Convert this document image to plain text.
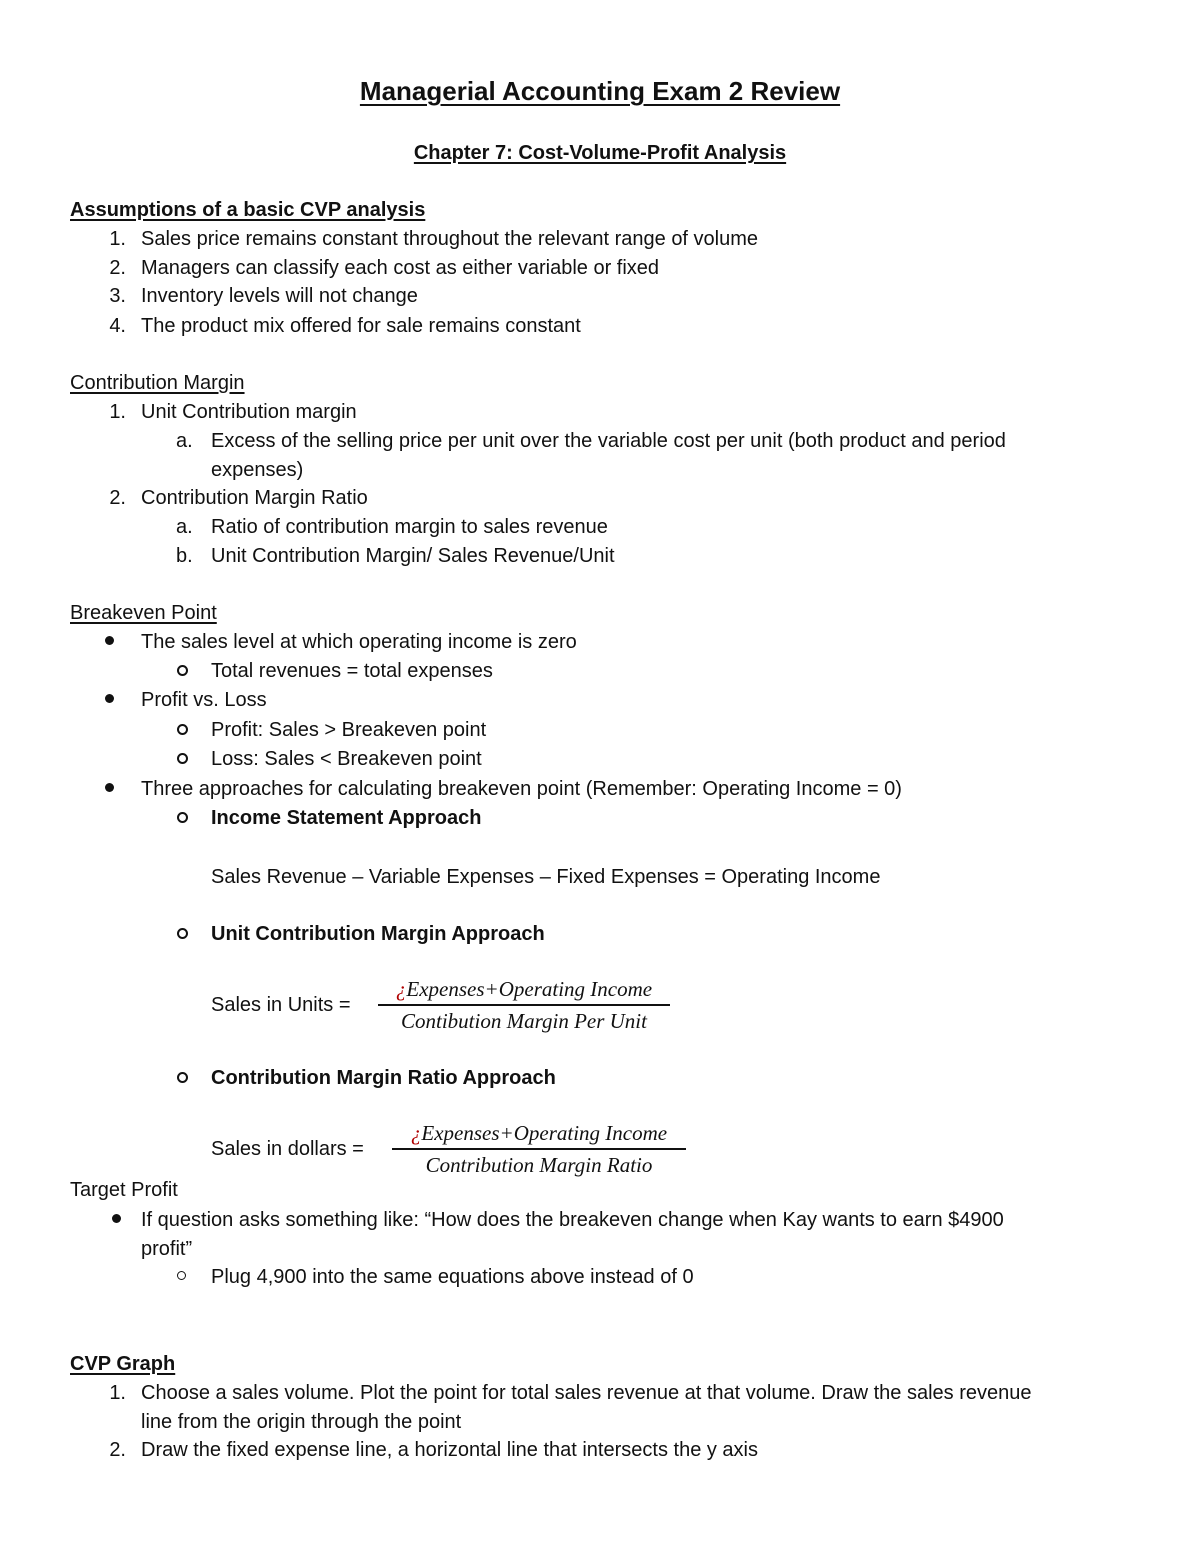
Managerial Accounting Exam 2 Review
Chapter 7: Cost-Volume-Profit Analysis
Assumptions of a basic CVP analysis
1. Sales price remains constant throughout the relevant range of volume
2. Managers can classify each cost as either variable or fixed
3. Inventory levels will not change
4. The product mix offered for sale remains constant
Contribution Margin
1. Unit Contribution margin
a. Excess of the selling price per unit over the variable cost per unit (both product and period
expenses)
2. Contribution Margin Ratio
a. Ratio of contribution margin to sales revenue
b. Unit Contribution Margin/ Sales Revenue/Unit
Breakeven Point
The sales level at which operating income is zero
Total revenues = total expenses
Profit vs. Loss
Profit: Sales > Breakeven point
Loss: Sales < Breakeven point
Three approaches for calculating breakeven point (Remember: Operating Income = 0)
Income Statement Approach
Sales Revenue – Variable Expenses – Fixed Expenses = Operating Income
Unit Contribution Margin Approach
Sales in Units =
¿Expenses+Operating Income
Contibution Margin Per Unit
Contribution Margin Ratio Approach
Sales in dollars =
¿Expenses+Operating Income
Contribution Margin Ratio
Target Profit
If question asks something like: “How does the breakeven change when Kay wants to earn $4900
profit”
Plug 4,900 into the same equations above instead of 0
CVP Graph
1. Choose a sales volume. Plot the point for total sales revenue at that volume. Draw the sales revenue
line from the origin through the point
2. Draw the fixed expense line, a horizontal line that intersects the y axis
